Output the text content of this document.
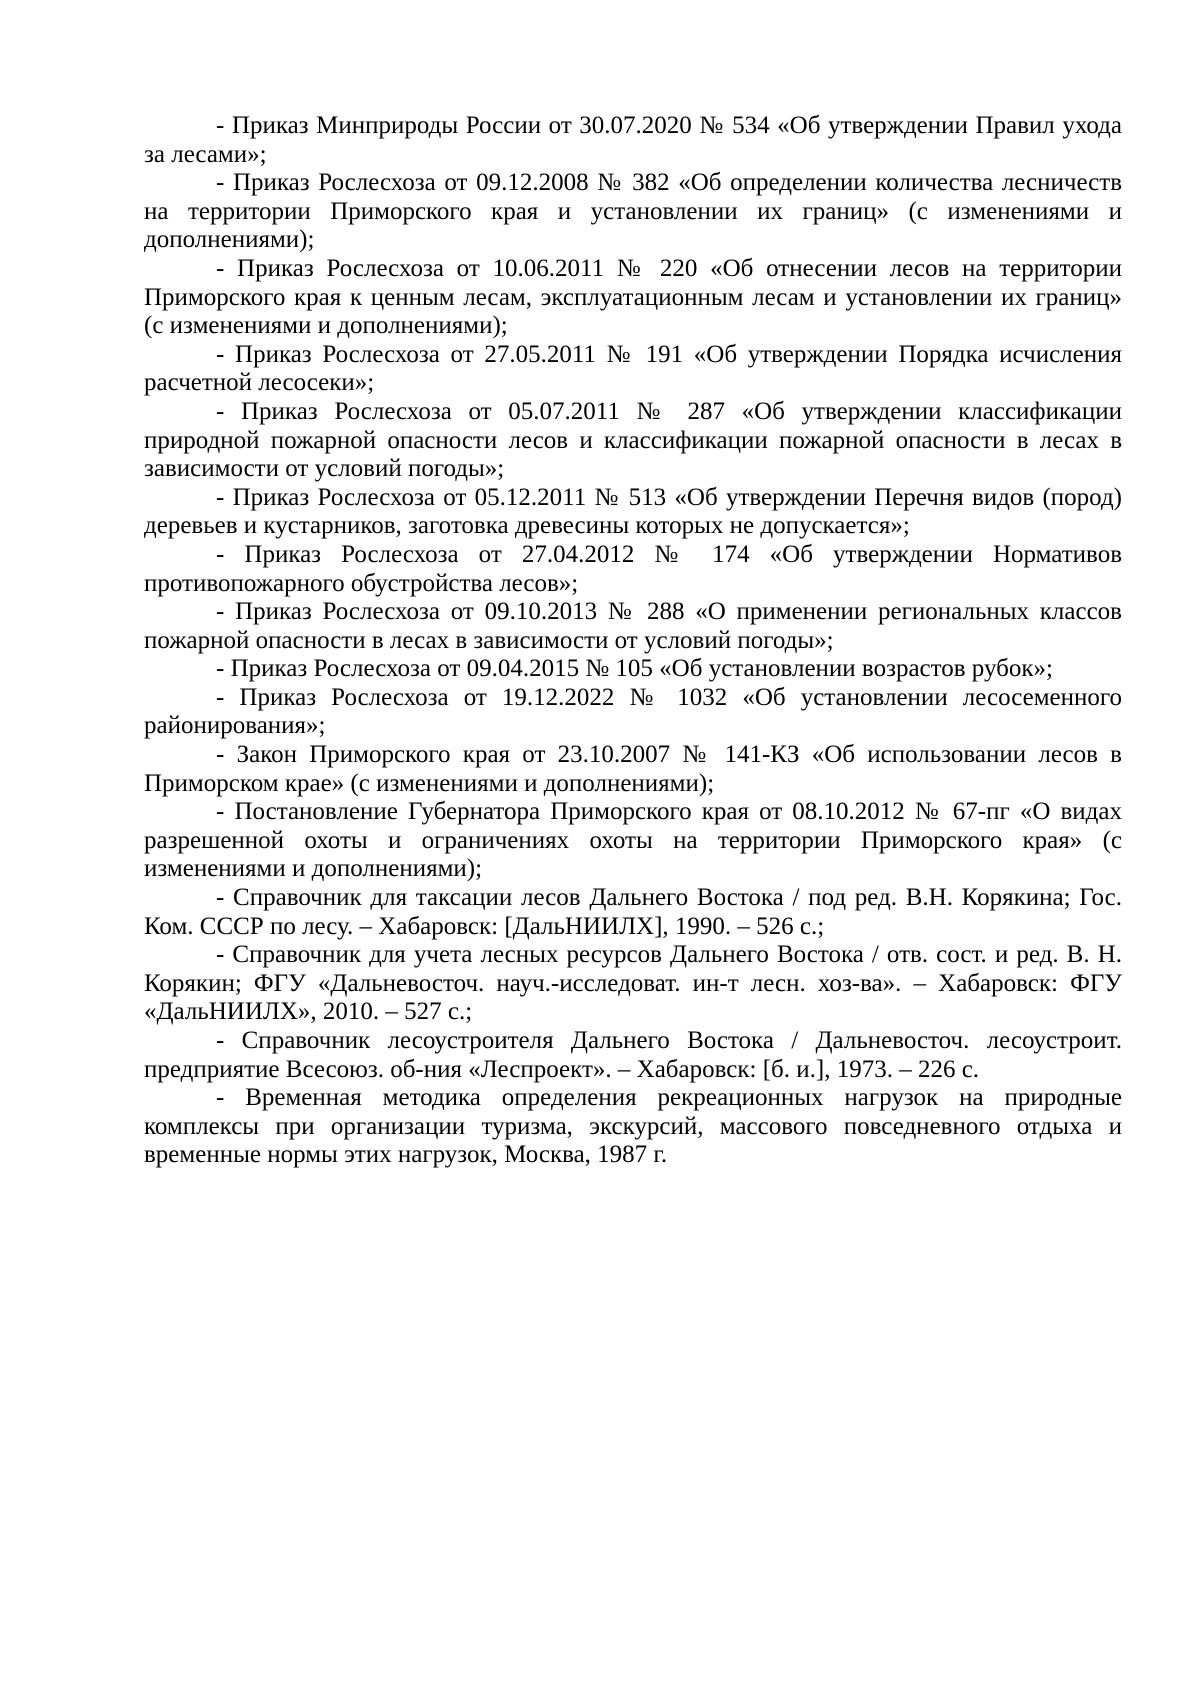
- Приказ Минприроды России от 30.07.2020 № 534 «Об утверждении Правил ухода за лесами»;

- Приказ Рослесхоза от 09.12.2008 № 382 «Об определении количества лесничеств на территории Приморского края и установлении их границ» (с изменениями и дополнениями);

- Приказ Рослесхоза от 10.06.2011 № 220 «Об отнесении лесов на территории Приморского края к ценным лесам, эксплуатационным лесам и установлении их границ» (с изменениями и дополнениями);

- Приказ Рослесхоза от 27.05.2011 № 191 «Об утверждении Порядка исчисления расчетной лесосеки»;

- Приказ Рослесхоза от 05.07.2011 № 287 «Об утверждении классификации природной пожарной опасности лесов и классификации пожарной опасности в лесах в зависимости от условий погоды»;

- Приказ Рослесхоза от 05.12.2011 № 513 «Об утверждении Перечня видов (пород) деревьев и кустарников, заготовка древесины которых не допускается»;

- Приказ Рослесхоза от 27.04.2012 № 174 «Об утверждении Нормативов противопожарного обустройства лесов»;

- Приказ Рослесхоза от 09.10.2013 № 288 «О применении региональных классов пожарной опасности в лесах в зависимости от условий погоды»;

- Приказ Рослесхоза от 09.04.2015 № 105 «Об установлении возрастов рубок»;

- Приказ Рослесхоза от 19.12.2022 № 1032 «Об установлении лесосеменного районирования»;

- Закон Приморского края от 23.10.2007 № 141-КЗ «Об использовании лесов в Приморском крае» (с изменениями и дополнениями);

- Постановление Губернатора Приморского края от 08.10.2012 № 67-пг «О видах разрешенной охоты и ограничениях охоты на территории Приморского края» (с изменениями и дополнениями);

- Справочник для таксации лесов Дальнего Востока / под ред. В.Н. Корякина; Гос. Ком. СССР по лесу. – Хабаровск: [ДальНИИЛХ], 1990. – 526 с.;

- Справочник для учета лесных ресурсов Дальнего Востока / отв. сост. и ред. В. Н. Корякин; ФГУ «Дальневосточ. науч.-исследоват. ин-т лесн. хоз-ва». – Хабаровск: ФГУ «ДальНИИЛХ», 2010. – 527 с.;

- Справочник лесоустроителя Дальнего Востока / Дальневосточ. лесоустроит. предприятие Всесоюз. об-ния «Леспроект». – Хабаровск: [б. и.], 1973. – 226 с.

- Временная методика определения рекреационных нагрузок на природные комплексы при организации туризма, экскурсий, массового повседневного отдыха и временные нормы этих нагрузок, Москва, 1987 г.
